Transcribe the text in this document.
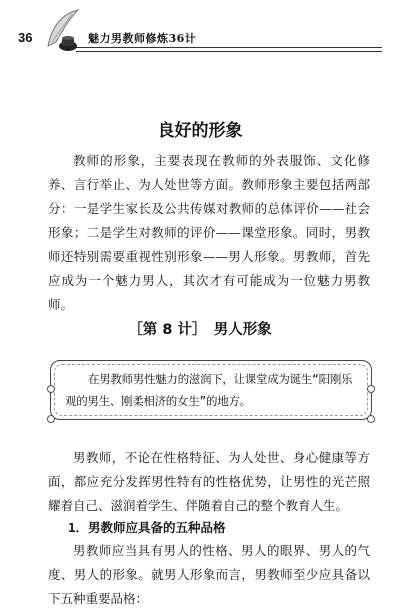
36	魅力男教师修炼36计
良好的形象

教师的形象，主要表现在教师的外表服饰、文化修养、言行举止、为人处世等方面。教师形象主要包括两部分：一是学生家长及公共传媒对教师的总体评价——社会形象；二是学生对教师的评价——课堂形象。同时，男教师还特别需要重视性别形象——男人形象。男教师，首先应成为一个魅力男人，其次才有可能成为一位魅力男教师。

［第 8 计］　男人形象

在男教师男性魅力的滋润下，让课堂成为诞生“阳刚乐观的男生、刚柔相济的女生”的地方。

男教师，不论在性格特征、为人处世、身心健康等方面，都应充分发挥男性特有的性格优势，让男性的光芒照耀着自己、滋润着学生、伴随着自己的整个教育人生。

1．男教师应具备的五种品格

男教师应当具有男人的性格、男人的眼界、男人的气度、男人的形象。就男人形象而言，男教师至少应具备以下五种重要品格：
